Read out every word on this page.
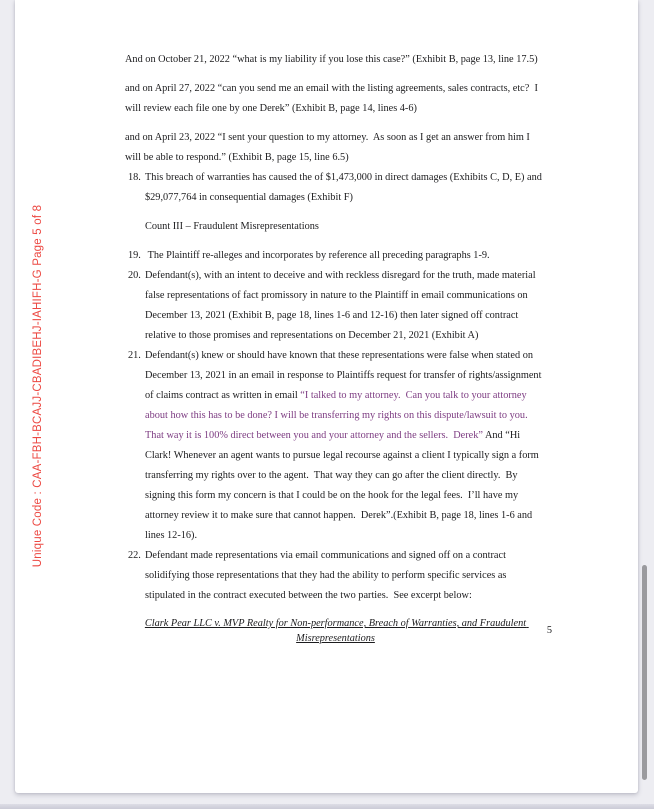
Unique Code : CAA-FBH-BCAJJ-CBADIBEHJ-IAHIFH-G Page 5 of 8

And on October 21, 2022 “what is my liability if you lose this case?” (Exhibit B, page 13, line 17.5)

and on April 27, 2022 “can you send me an email with the listing agreements, sales contracts, etc?  I will review each file one by one Derek” (Exhibit B, page 14, lines 4-6)

and on April 23, 2022 “I sent your question to my attorney.  As soon as I get an answer from him I will be able to respond.” (Exhibit B, page 15, line 6.5)

18. This breach of warranties has caused the of $1,473,000 in direct damages (Exhibits C, D, E) and $29,077,764 in consequential damages (Exhibit F)

Count III – Fraudulent Misrepresentations

19. The Plaintiff re-alleges and incorporates by reference all preceding paragraphs 1-9.
20. Defendant(s), with an intent to deceive and with reckless disregard for the truth, made material false representations of fact promissory in nature to the Plaintiff in email communications on December 13, 2021 (Exhibit B, page 18, lines 1-6 and 12-16) then later signed off contract relative to those promises and representations on December 21, 2021 (Exhibit A)
21. Defendant(s) knew or should have known that these representations were false when stated on December 13, 2021 in an email in response to Plaintiffs request for transfer of rights/assignment of claims contract as written in email “I talked to my attorney.  Can you talk to your attorney about how this has to be done? I will be transferring my rights on this dispute/lawsuit to you.  That way it is 100% direct between you and your attorney and the sellers.  Derek” And “Hi Clark! Whenever an agent wants to pursue legal recourse against a client I typically sign a form transferring my rights over to the agent.  That way they can go after the client directly.  By signing this form my concern is that I could be on the hook for the legal fees.  I’ll have my attorney review it to make sure that cannot happen.  Derek”.(Exhibit B, page 18, lines 1-6 and lines 12-16).
22. Defendant made representations via email communications and signed off on a contract solidifying those representations that they had the ability to perform specific services as stipulated in the contract executed between the two parties.  See excerpt below:
Clark Pear LLC v. MVP Realty for Non-performance, Breach of Warranties, and Fraudulent Misrepresentations
5
